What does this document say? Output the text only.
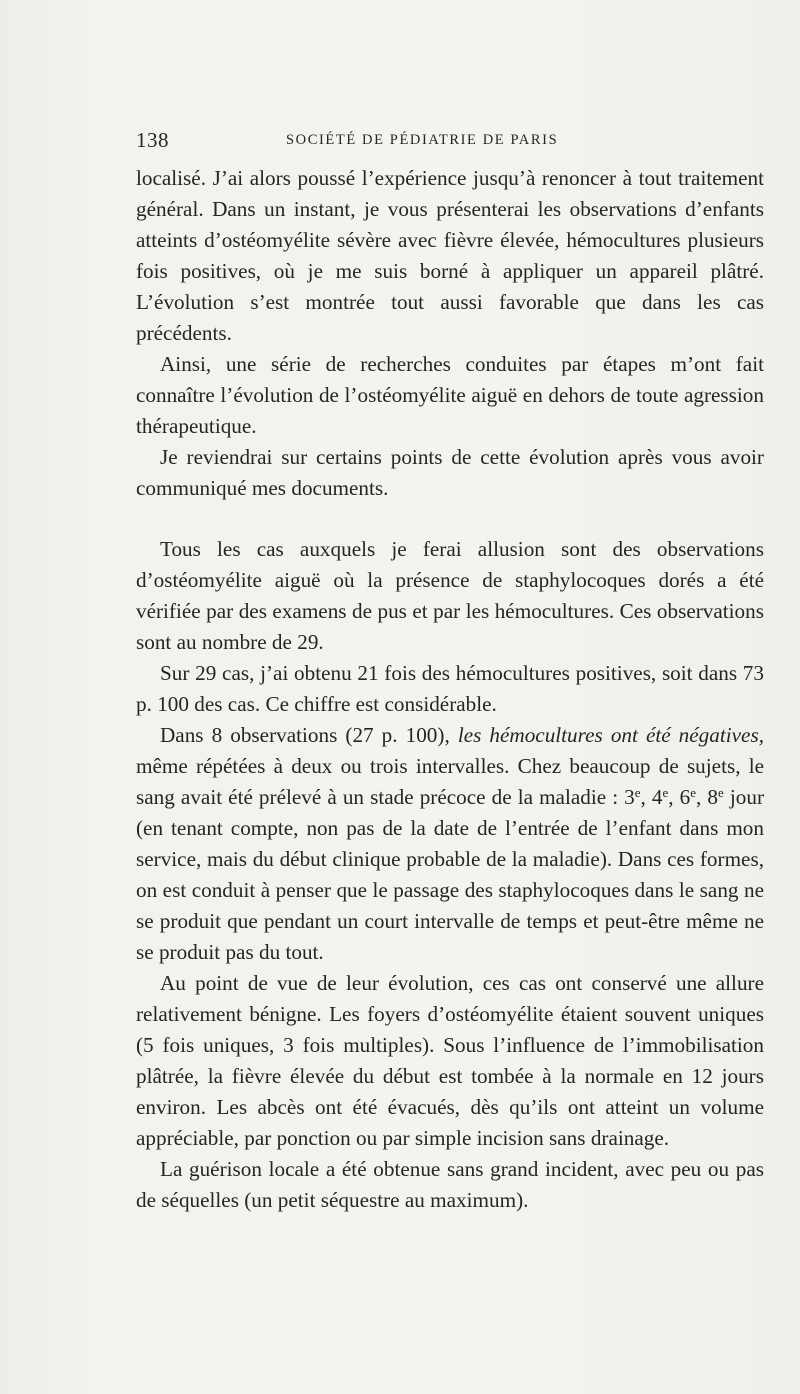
138	SOCIÉTÉ DE PÉDIATRIE DE PARIS

localisé. J’ai alors poussé l’expérience jusqu’à renoncer à tout traitement général. Dans un instant, je vous présenterai les observations d’enfants atteints d’ostéomyélite sévère avec fièvre élevée, hémocultures plusieurs fois positives, où je me suis borné à appliquer un appareil plâtré. L’évolution s’est montrée tout aussi favorable que dans les cas précédents.

Ainsi, une série de recherches conduites par étapes m’ont fait connaître l’évolution de l’ostéomyélite aiguë en dehors de toute agression thérapeutique.

Je reviendrai sur certains points de cette évolution après vous avoir communiqué mes documents.

Tous les cas auxquels je ferai allusion sont des observations d’ostéomyélite aiguë où la présence de staphylocoques dorés a été vérifiée par des examens de pus et par les hémocultures. Ces observations sont au nombre de 29.

Sur 29 cas, j’ai obtenu 21 fois des hémocultures positives, soit dans 73 p. 100 des cas. Ce chiffre est considérable.

Dans 8 observations (27 p. 100), les hémocultures ont été négatives, même répétées à deux ou trois intervalles. Chez beaucoup de sujets, le sang avait été prélevé à un stade précoce de la maladie : 3e, 4e, 6e, 8e jour (en tenant compte, non pas de la date de l’entrée de l’enfant dans mon service, mais du début clinique probable de la maladie). Dans ces formes, on est conduit à penser que le passage des staphylocoques dans le sang ne se produit que pendant un court intervalle de temps et peut-être même ne se produit pas du tout.

Au point de vue de leur évolution, ces cas ont conservé une allure relativement bénigne. Les foyers d’ostéomyélite étaient souvent uniques (5 fois uniques, 3 fois multiples). Sous l’influence de l’immobilisation plâtrée, la fièvre élevée du début est tombée à la normale en 12 jours environ. Les abcès ont été évacués, dès qu’ils ont atteint un volume appréciable, par ponction ou par simple incision sans drainage.

La guérison locale a été obtenue sans grand incident, avec peu ou pas de séquelles (un petit séquestre au maximum).
